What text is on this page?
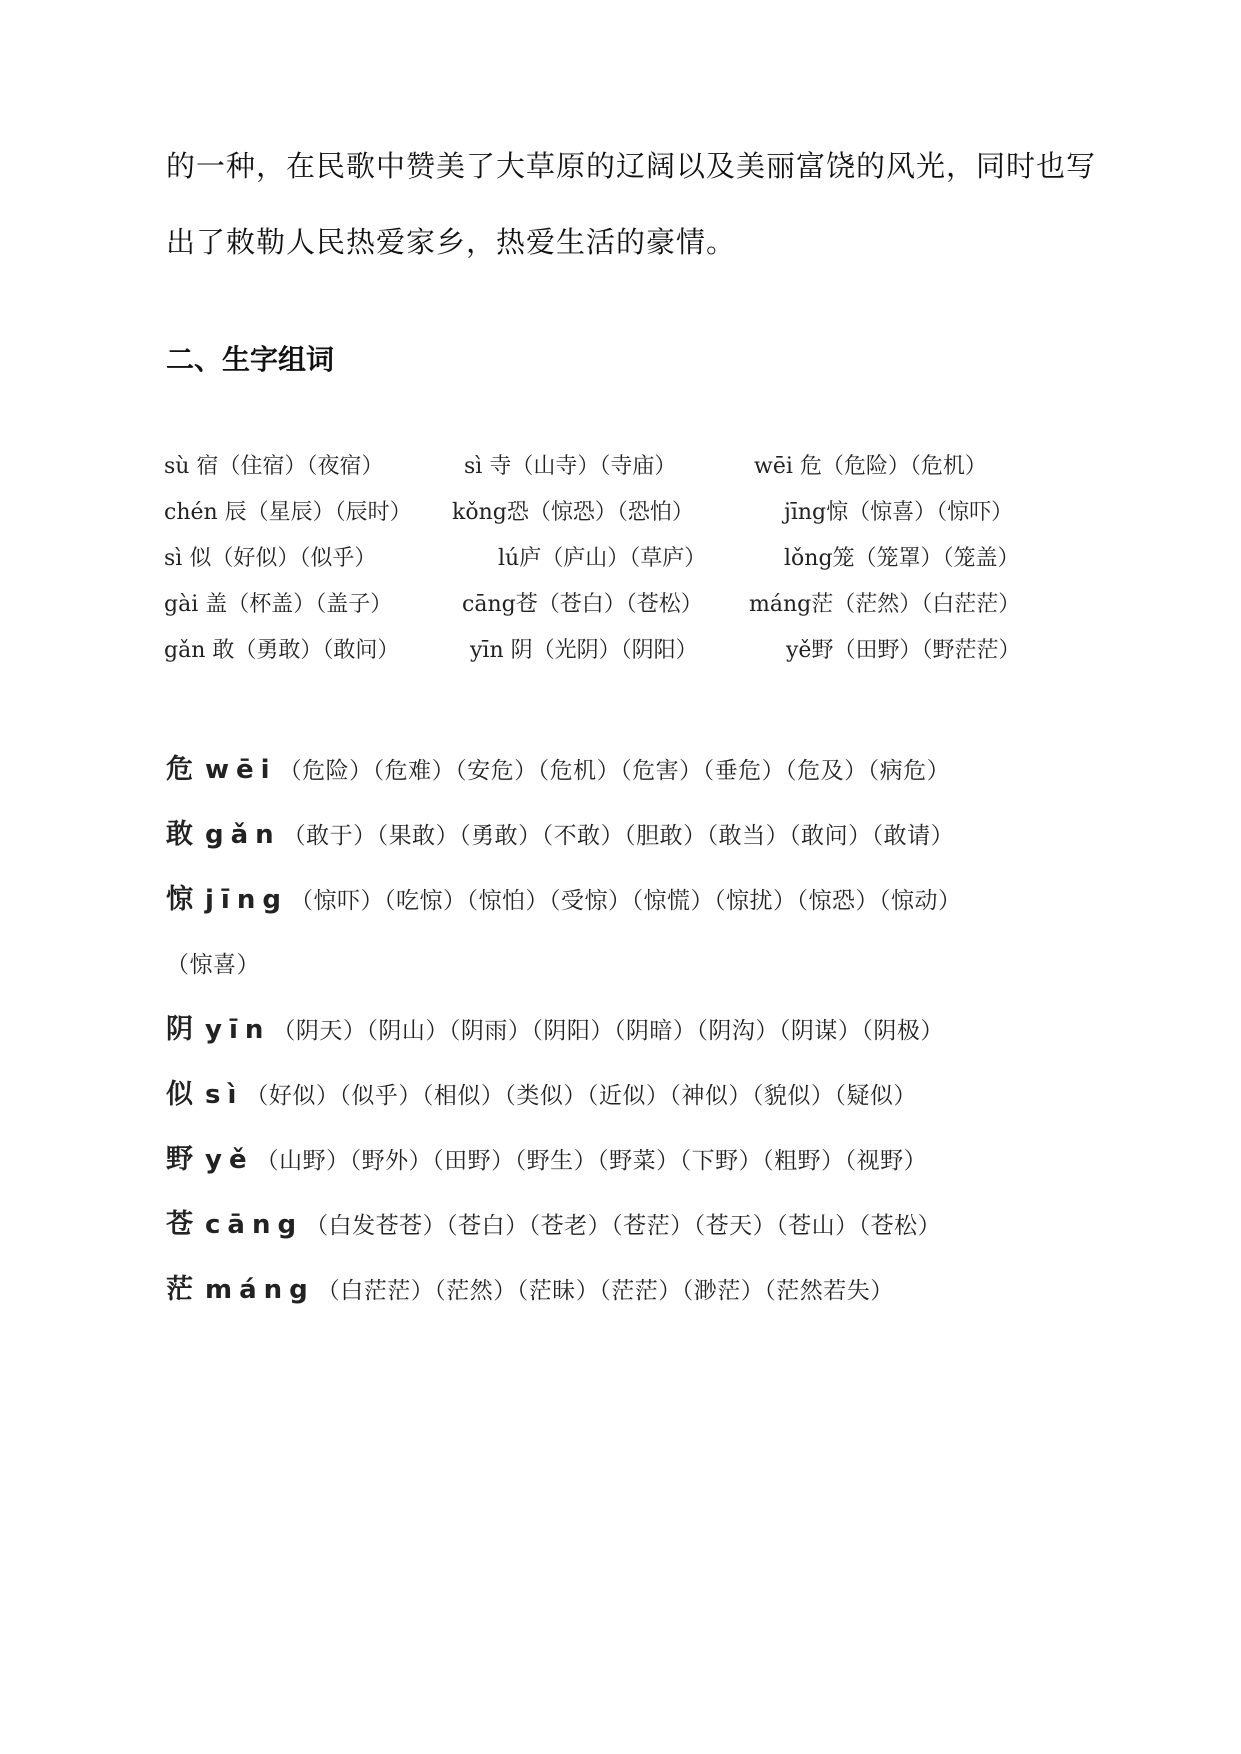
的一种，在民歌中赞美了大草原的辽阔以及美丽富饶的风光，同时也写
出了敕勒人民热爱家乡，热爱生活的豪情。
二、生字组词
sù 宿（住宿）（夜宿）	sì 寺（山寺）（寺庙）	wēi 危（危险）（危机）
chén 辰（星辰）（辰时） kǒng恐（惊恐）（恐怕）	jīng惊（惊喜）（惊吓）
sì 似（好似）（似乎）	lú庐（庐山）（草庐）	lǒng笼（笼罩）（笼盖）
gài 盖（杯盖）（盖子）	cāng苍（苍白）（苍松） máng茫（茫然）（白茫茫）
gǎn 敢（勇敢）（敢问）	yīn 阴（光阴）（阴阳）	yě野（田野）（野茫茫）
危 wēi（危险）（危难）（安危）（危机）（危害）（垂危）（危及）（病危）
敢 gǎn（敢于）（果敢）（勇敢）（不敢）（胆敢）（敢当）（敢问）（敢请）
惊 jīng（惊吓）（吃惊）（惊怕）（受惊）（惊慌）（惊扰）（惊恐）（惊动）
（惊喜）
阴 yīn（阴天）（阴山）（阴雨）（阴阳）（阴暗）（阴沟）（阴谋）（阴极）
似 sì（好似）（似乎）（相似）（类似）（近似）（神似）（貌似）（疑似）
野 yě（山野）（野外）（田野）（野生）（野菜）（下野）（粗野）（视野）
苍 cāng（白发苍苍）（苍白）（苍老）（苍茫）（苍天）（苍山）（苍松）
茫 máng（白茫茫）（茫然）（茫昧）（茫茫）（渺茫）（茫然若失）
